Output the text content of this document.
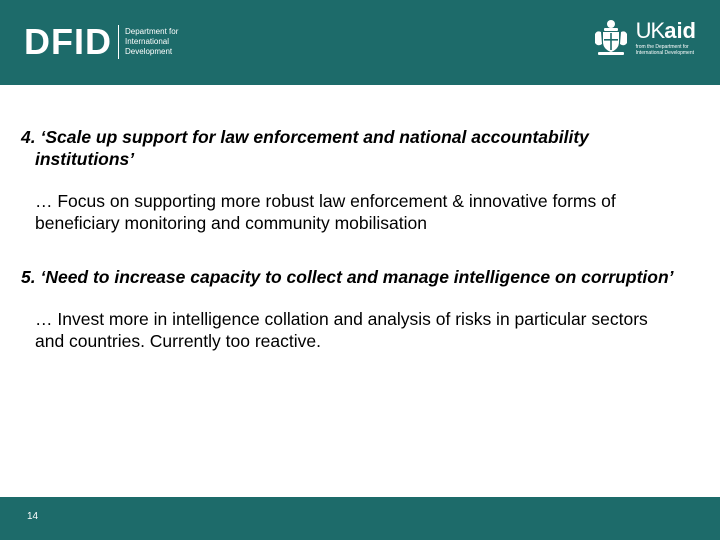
DFID Department for
International
Development
UKaid
from the Department for
International Development
4. ‘Scale up support for law enforcement and national accountability institutions’
… Focus on supporting more robust law enforcement & innovative forms of beneficiary monitoring and community mobilisation
5. ‘Need to increase capacity to collect and manage intelligence on corruption’
… Invest more in intelligence collation and analysis of risks in particular sectors and countries. Currently too reactive.
14
